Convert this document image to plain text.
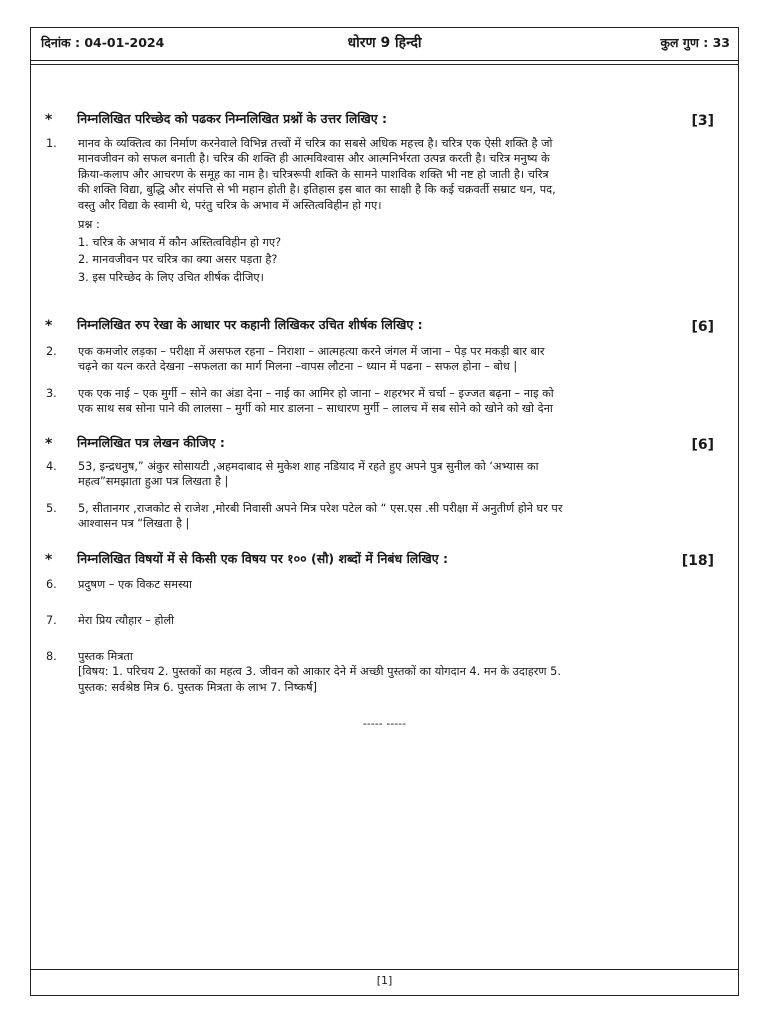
दिनांक : 04-01-2024	धोरण 9 हिन्दी	कुल गुण : 33
* निम्नलिखित परिच्छेद को पढकर निम्नलिखित प्रश्नों के उत्तर लिखिए :	[3]
1. मानव के व्यक्तित्व का निर्माण करनेवाले विभिन्न तत्त्वों में चरित्र का सबसे अधिक महत्त्व है। चरित्र एक ऐसी शक्ति है जो

मानवजीवन को सफल बनाती है। चरित्र की शक्ति ही आत्मविश्वास और आत्मनिर्भरता उत्पन्न करती है। चरित्र मनुष्य के

क्रिया-कलाप और आचरण के समूह का नाम है। चरित्ररूपी शक्ति के सामने पाशविक शक्ति भी नष्ट हो जाती है। चरित्र

की शक्ति विद्या, बुद्धि और संपत्ति से भी महान होती है। इतिहास इस बात का साक्षी है कि कई चक्रवर्ती सम्राट धन, पद,

वस्तु और विद्या के स्वामी थे, परंतु चरित्र के अभाव में अस्तित्वविहीन हो गए।

प्रश्न :

1. चरित्र के अभाव में कौन अस्तित्वविहीन हो गए?

2. मानवजीवन पर चरित्र का क्या असर पड़ता है?

3. इस परिच्छेद के लिए उचित शीर्षक दीजिए।

* निम्नलिखित रुप रेखा के आधार पर कहानी लिखिकर उचित शीर्षक लिखिए :	[6]
2. एक कमजोर लड़का – परीक्षा में असफल रहना – निराशा – आत्महत्या करने जंगल में जाना – पेड़ पर मकड़ी बार बार

चढ़ने का यत्न करते देखना –सफलता का मार्ग मिलना –वापस लौटना – ध्यान में पढना – सफल होना – बोध |

3. एक एक नाई – एक मुर्गी – सोने का अंडा देना – नाई का आमिर हो जाना – शहरभर में चर्चा – इज्जत बढ़ना – नाइ को

एक साथ सब सोना पाने की लालसा – मुर्गी को मार डालना – साधारण मुर्गी – लालच में सब सोने को खोने को खो देना

* निम्नलिखित पत्र लेखन कीजिए :	[6]
4. 53, इन्द्रधनुष,” अंकुर सोसायटी ,अहमदाबाद से मुकेश शाह नडियाद में रहते हुए अपने पुत्र सुनील को ‘अभ्यास का

महत्व”समझाता हुआ पत्र लिखता है |

5. 5, सीतानगर ,राजकोट से राजेश ,मोरबी निवासी अपने मित्र परेश पटेल को “ एस.एस .सी परीक्षा में अनुतीर्ण होने घर पर

आश्वासन पत्र “लिखता है |

* निम्नलिखित विषयों में से किसी एक विषय पर १०० (सौ) शब्दों में निबंध लिखिए :	[18]
6. प्रदुषण – एक विकट समस्या

7. मेरा प्रिय त्यौहार – होली

8. पुस्तक मित्रता

[विषय: 1. परिचय 2. पुस्तकों का महत्व 3. जीवन को आकार देने में अच्छी पुस्तकों का योगदान 4. मन के उदाहरण 5.

पुस्तक: सर्वश्रेष्ठ मित्र 6. पुस्तक मित्रता के लाभ 7. निष्कर्ष]

----- -----
[1]
